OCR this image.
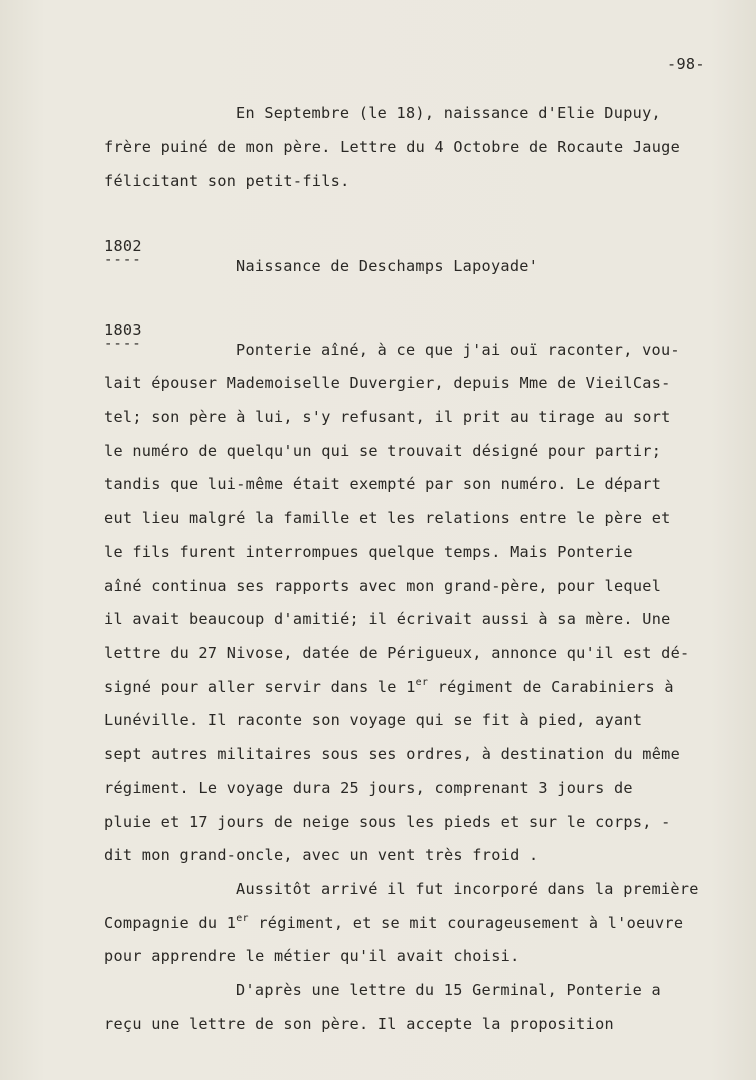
-98-
En Septembre (le 18), naissance d'Elie Dupuy,
frère puiné de mon père. Lettre du 4 Octobre de Rocaute Jauge
félicitant son petit-fils.
1802
----	Naissance de Deschamps Lapoyade'
1803
----	Ponterie aîné, à ce que j'ai ouï raconter, vou-
lait épouser Mademoiselle Duvergier, depuis Mme de VieilCas-
tel; son père à lui, s'y refusant, il prit au tirage au sort
le numéro de quelqu'un qui se trouvait désigné pour partir;
tandis que lui-même était exempté par son numéro. Le départ
eut lieu malgré la famille et les relations entre le père et
le fils furent interrompues quelque temps. Mais Ponterie
aîné continua ses rapports avec mon grand-père, pour lequel
il avait beaucoup d'amitié; il écrivait aussi à sa mère. Une
lettre du 27 Nivose, datée de Périgueux, annonce qu'il est dé-
signé pour aller servir dans le 1er régiment de Carabiniers à
Lunéville. Il raconte son voyage qui se fit à pied, ayant
sept autres militaires sous ses ordres, à destination du même
régiment. Le voyage dura 25 jours, comprenant 3 jours de
pluie et 17 jours de neige sous les pieds et sur le corps, -
dit mon grand-oncle, avec un vent très froid .
Aussitôt arrivé il fut incorporé dans la première
Compagnie du 1er régiment, et se mit courageusement à l'oeuvre
pour apprendre le métier qu'il avait choisi.
D'après une lettre du 15 Germinal, Ponterie a
reçu une lettre de son père. Il accepte la proposition
